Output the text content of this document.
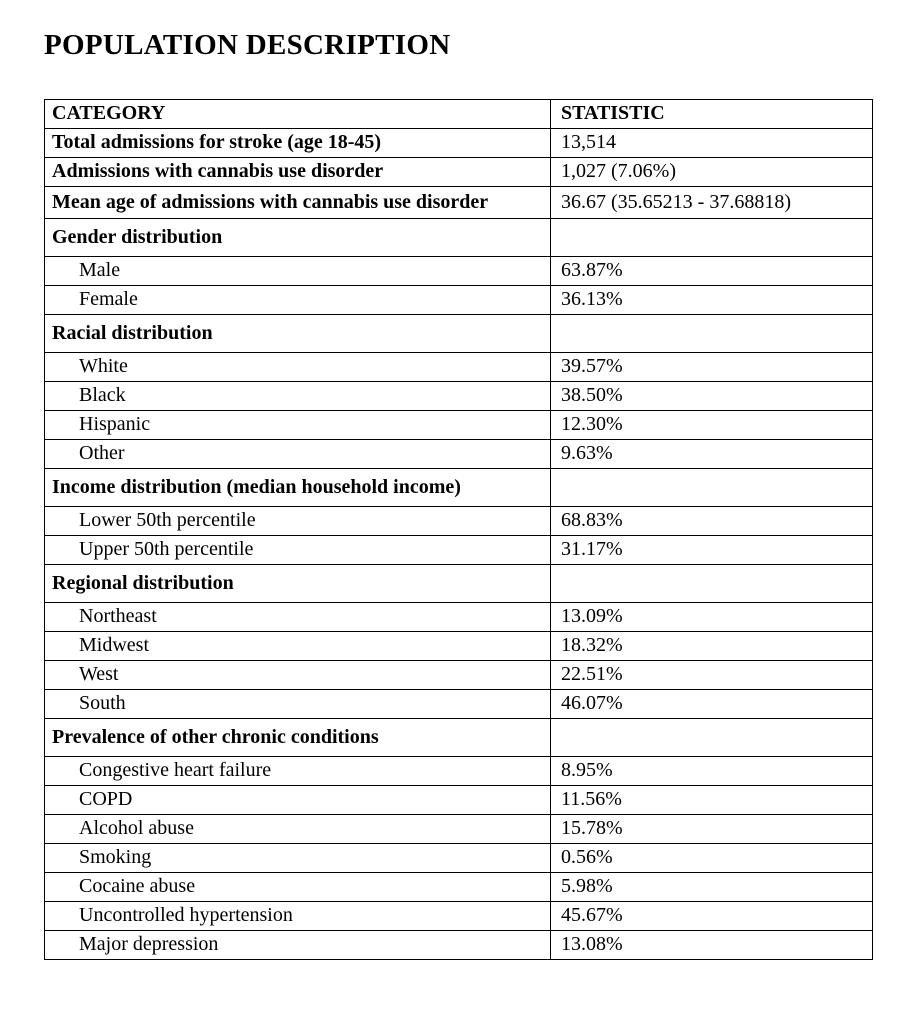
POPULATION DESCRIPTION
CATEGORY	STATISTIC
Total admissions for stroke (age 18-45)	13,514
Admissions with cannabis use disorder	1,027 (7.06%)
Mean age of admissions with cannabis use disorder	36.67 (35.65213 - 37.68818)
Gender distribution	
Male	63.87%
Female	36.13%
Racial distribution	
White	39.57%
Black	38.50%
Hispanic	12.30%
Other	9.63%
Income distribution (median household income)	
Lower 50th percentile	68.83%
Upper 50th percentile	31.17%
Regional distribution	
Northeast	13.09%
Midwest	18.32%
West	22.51%
South	46.07%
Prevalence of other chronic conditions	
Congestive heart failure	8.95%
COPD	11.56%
Alcohol abuse	15.78%
Smoking	0.56%
Cocaine abuse	5.98%
Uncontrolled hypertension	45.67%
Major depression	13.08%
